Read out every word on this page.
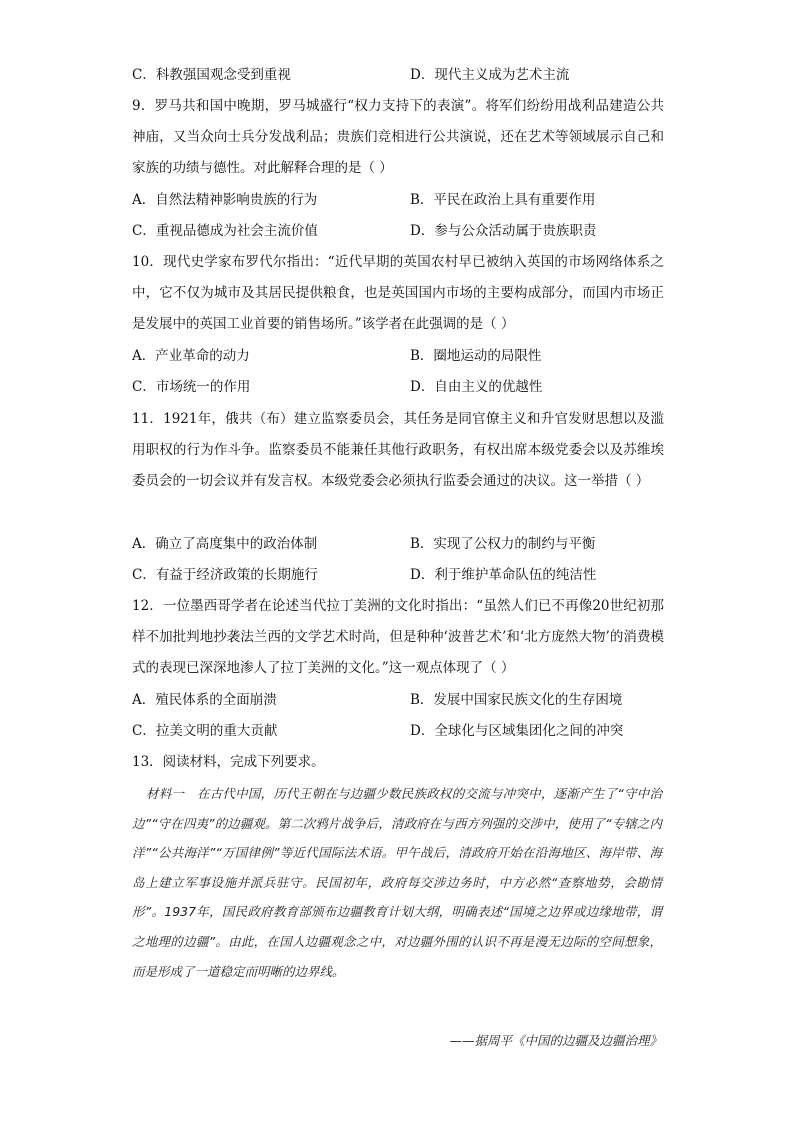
C．科教强国观念受到重视	D．现代主义成为艺术主流
9．罗马共和国中晚期，罗马城盛行“权力支持下的表演”。将军们纷纷用战利品建造公共神庙，又当众向士兵分发战利品；贵族们竞相进行公共演说，还在艺术等领域展示自己和家族的功绩与德性。对此解释合理的是（ ）
A．自然法精神影响贵族的行为	B．平民在政治上具有重要作用
C．重视品德成为社会主流价值	D．参与公众活动属于贵族职责
10．现代史学家布罗代尔指出：“近代早期的英国农村早已被纳入英国的市场网络体系之中，它不仅为城市及其居民提供粮食，也是英国国内市场的主要构成部分，而国内市场正是发展中的英国工业首要的销售场所。”该学者在此强调的是（ ）
A．产业革命的动力	B．圈地运动的局限性
C．市场统一的作用	D．自由主义的优越性
11．1921年，俄共（布）建立监察委员会，其任务是同官僚主义和升官发财思想以及滥用职权的行为作斗争。监察委员不能兼任其他行政职务，有权出席本级党委会以及苏维埃委员会的一切会议并有发言权。本级党委会必须执行监委会通过的决议。这一举措（ ）
A．确立了高度集中的政治体制	B．实现了公权力的制约与平衡
C．有益于经济政策的长期施行	D．利于维护革命队伍的纯洁性
12．一位墨西哥学者在论述当代拉丁美洲的文化时指出：“虽然人们已不再像20世纪初那样不加批判地抄袭法兰西的文学艺术时尚，但是种种‘波普艺术’和‘北方庞然大物’的消费模式的表现已深深地渗人了拉丁美洲的文化。”这一观点体现了（ ）
A．殖民体系的全面崩溃	B．发展中国家民族文化的生存困境
C．拉美文明的重大贡献	D．全球化与区域集团化之间的冲突
13．阅读材料，完成下列要求。
材料一　在古代中国，历代王朝在与边疆少数民族政权的交流与冲突中，逐渐产生了“守中治边”“守在四夷”的边疆观。第二次鸦片战争后，清政府在与西方列强的交涉中，使用了“专辖之内洋”“公共海洋”“万国律例”等近代国际法术语。甲午战后，清政府开始在沿海地区、海岸带、海岛上建立军事设施并派兵驻守。民国初年，政府每交涉边务时，中方必然“查察地势，会勘情形”。1937年，国民政府教育部颁布边疆教育计划大纲，明确表述“国境之边界或边缘地带，谓之地理的边疆”。由此，在国人边疆观念之中，对边疆外围的认识不再是漫无边际的空间想象，而是形成了一道稳定而明晰的边界线。
——据周平《中国的边疆及边疆治理》
